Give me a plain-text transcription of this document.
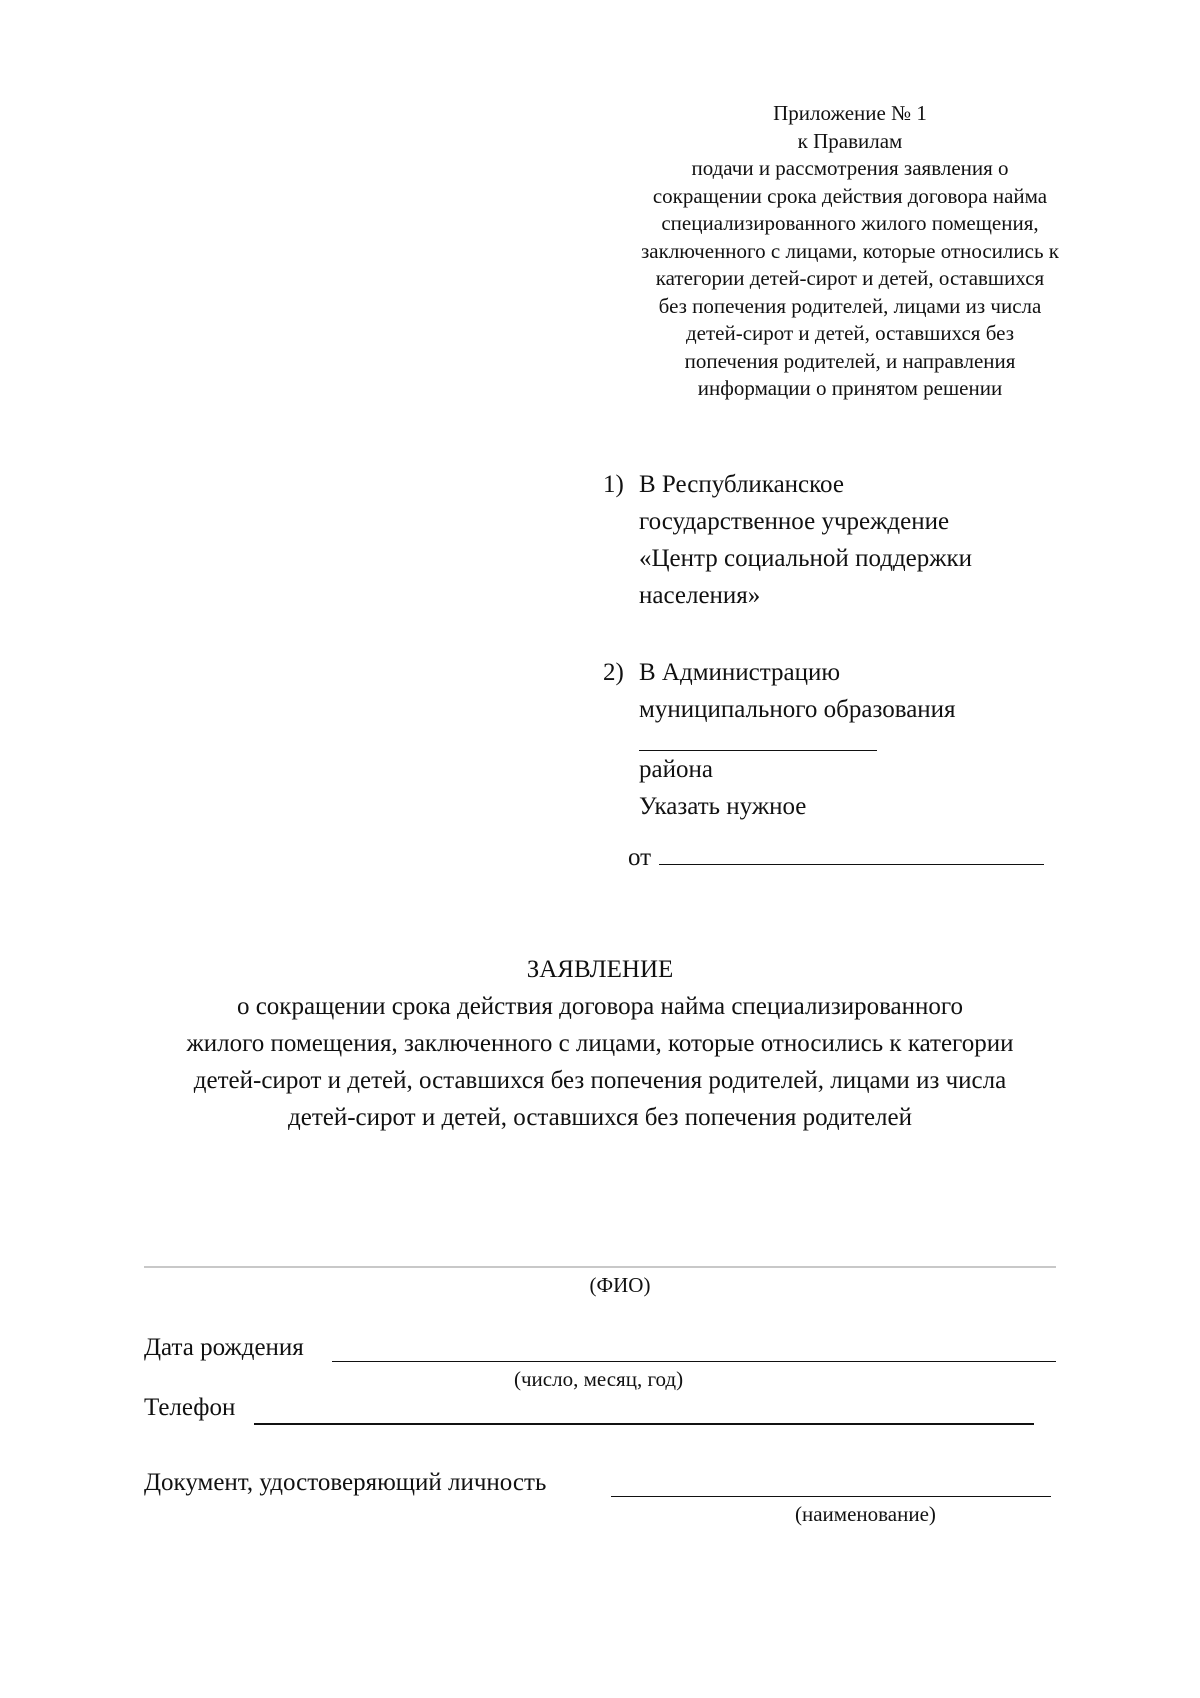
Приложение № 1
к Правилам
подачи и рассмотрения заявления о
сокращении срока действия договора найма
специализированного жилого помещения,
заключенного с лицами, которые относились к
категории детей-сирот и детей, оставшихся
без попечения родителей, лицами из числа
детей-сирот и детей, оставшихся без
попечения родителей, и направления
информации о принятом решении
1) В Республиканское
государственное учреждение
«Центр социальной поддержки
населения»
2) В Администрацию
муниципального образования
района
Указать нужное
от
ЗАЯВЛЕНИЕ
о сокращении срока действия договора найма специализированного
жилого помещения, заключенного с лицами, которые относились к категории
детей-сирот и детей, оставшихся без попечения родителей, лицами из числа
детей-сирот и детей, оставшихся без попечения родителей
(ФИО)
Дата рождения
(число, месяц, год)
Телефон
Документ, удостоверяющий личность
(наименование)
